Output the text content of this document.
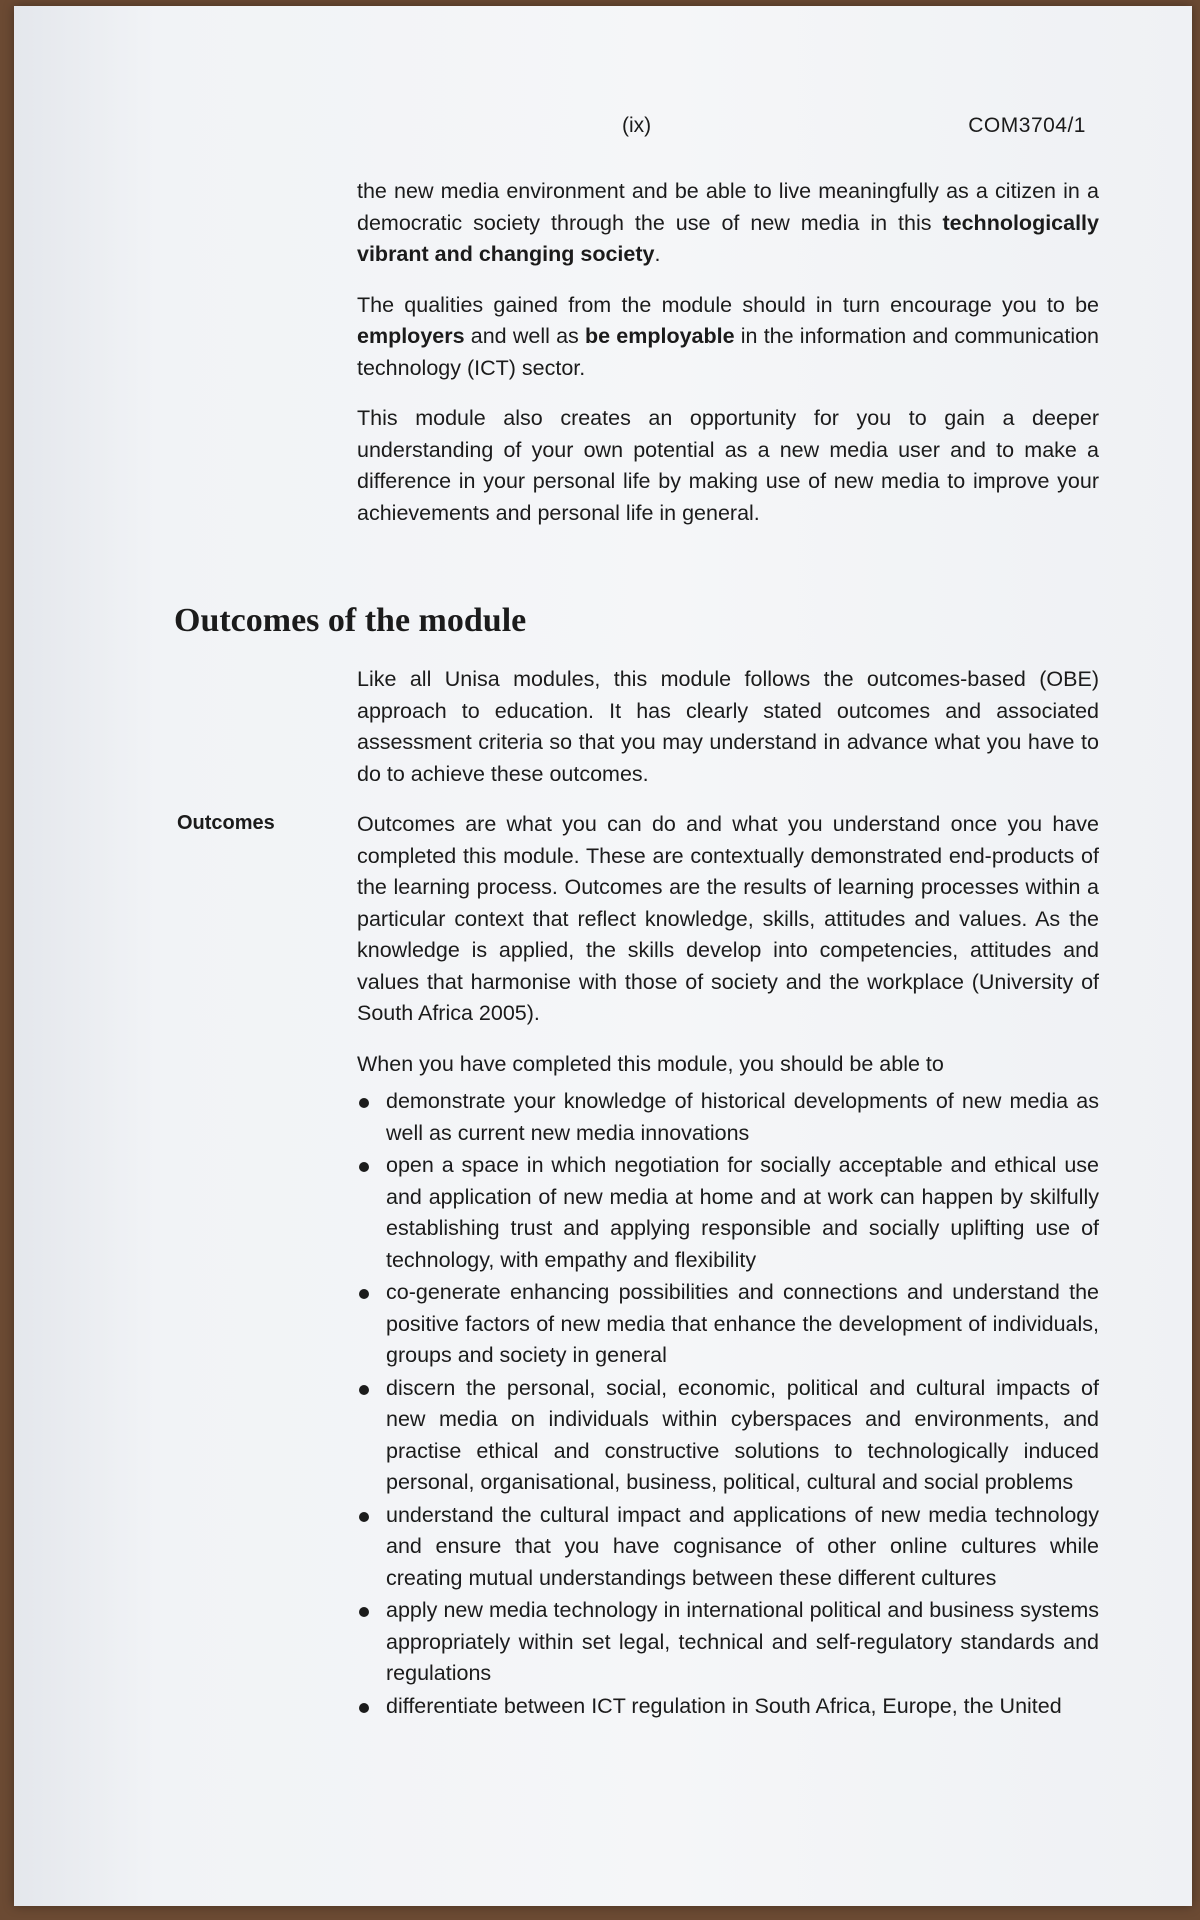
(ix)	COM3704/1

the new media environment and be able to live meaningfully as a citizen in a democratic society through the use of new media in this technologically vibrant and changing society.

The qualities gained from the module should in turn encourage you to be employers and well as be employable in the information and communication technology (ICT) sector.

This module also creates an opportunity for you to gain a deeper understanding of your own potential as a new media user and to make a difference in your personal life by making use of new media to improve your achievements and personal life in general.

Outcomes of the module
Outcomes

Like all Unisa modules, this module follows the outcomes-based (OBE) approach to education. It has clearly stated outcomes and associated assessment criteria so that you may understand in advance what you have to do to achieve these outcomes.

Outcomes are what you can do and what you understand once you have completed this module. These are contextually demonstrated end-products of the learning process. Outcomes are the results of learning processes within a particular context that reflect knowledge, skills, attitudes and values. As the knowledge is applied, the skills develop into competencies, attitudes and values that harmonise with those of society and the workplace (University of South Africa 2005).

When you have completed this module, you should be able to

demonstrate your knowledge of historical developments of new media as well as current new media innovations
open a space in which negotiation for socially acceptable and ethical use and application of new media at home and at work can happen by skilfully establishing trust and applying responsible and socially uplifting use of technology, with empathy and flexibility
co-generate enhancing possibilities and connections and understand the positive factors of new media that enhance the development of individuals, groups and society in general
discern the personal, social, economic, political and cultural impacts of new media on individuals within cyberspaces and environments, and practise ethical and constructive solutions to technologically induced personal, organisational, business, political, cultural and social problems
understand the cultural impact and applications of new media technology and ensure that you have cognisance of other online cultures while creating mutual understandings between these different cultures
apply new media technology in international political and business systems appropriately within set legal, technical and self-regulatory standards and regulations
differentiate between ICT regulation in South Africa, Europe, the United
